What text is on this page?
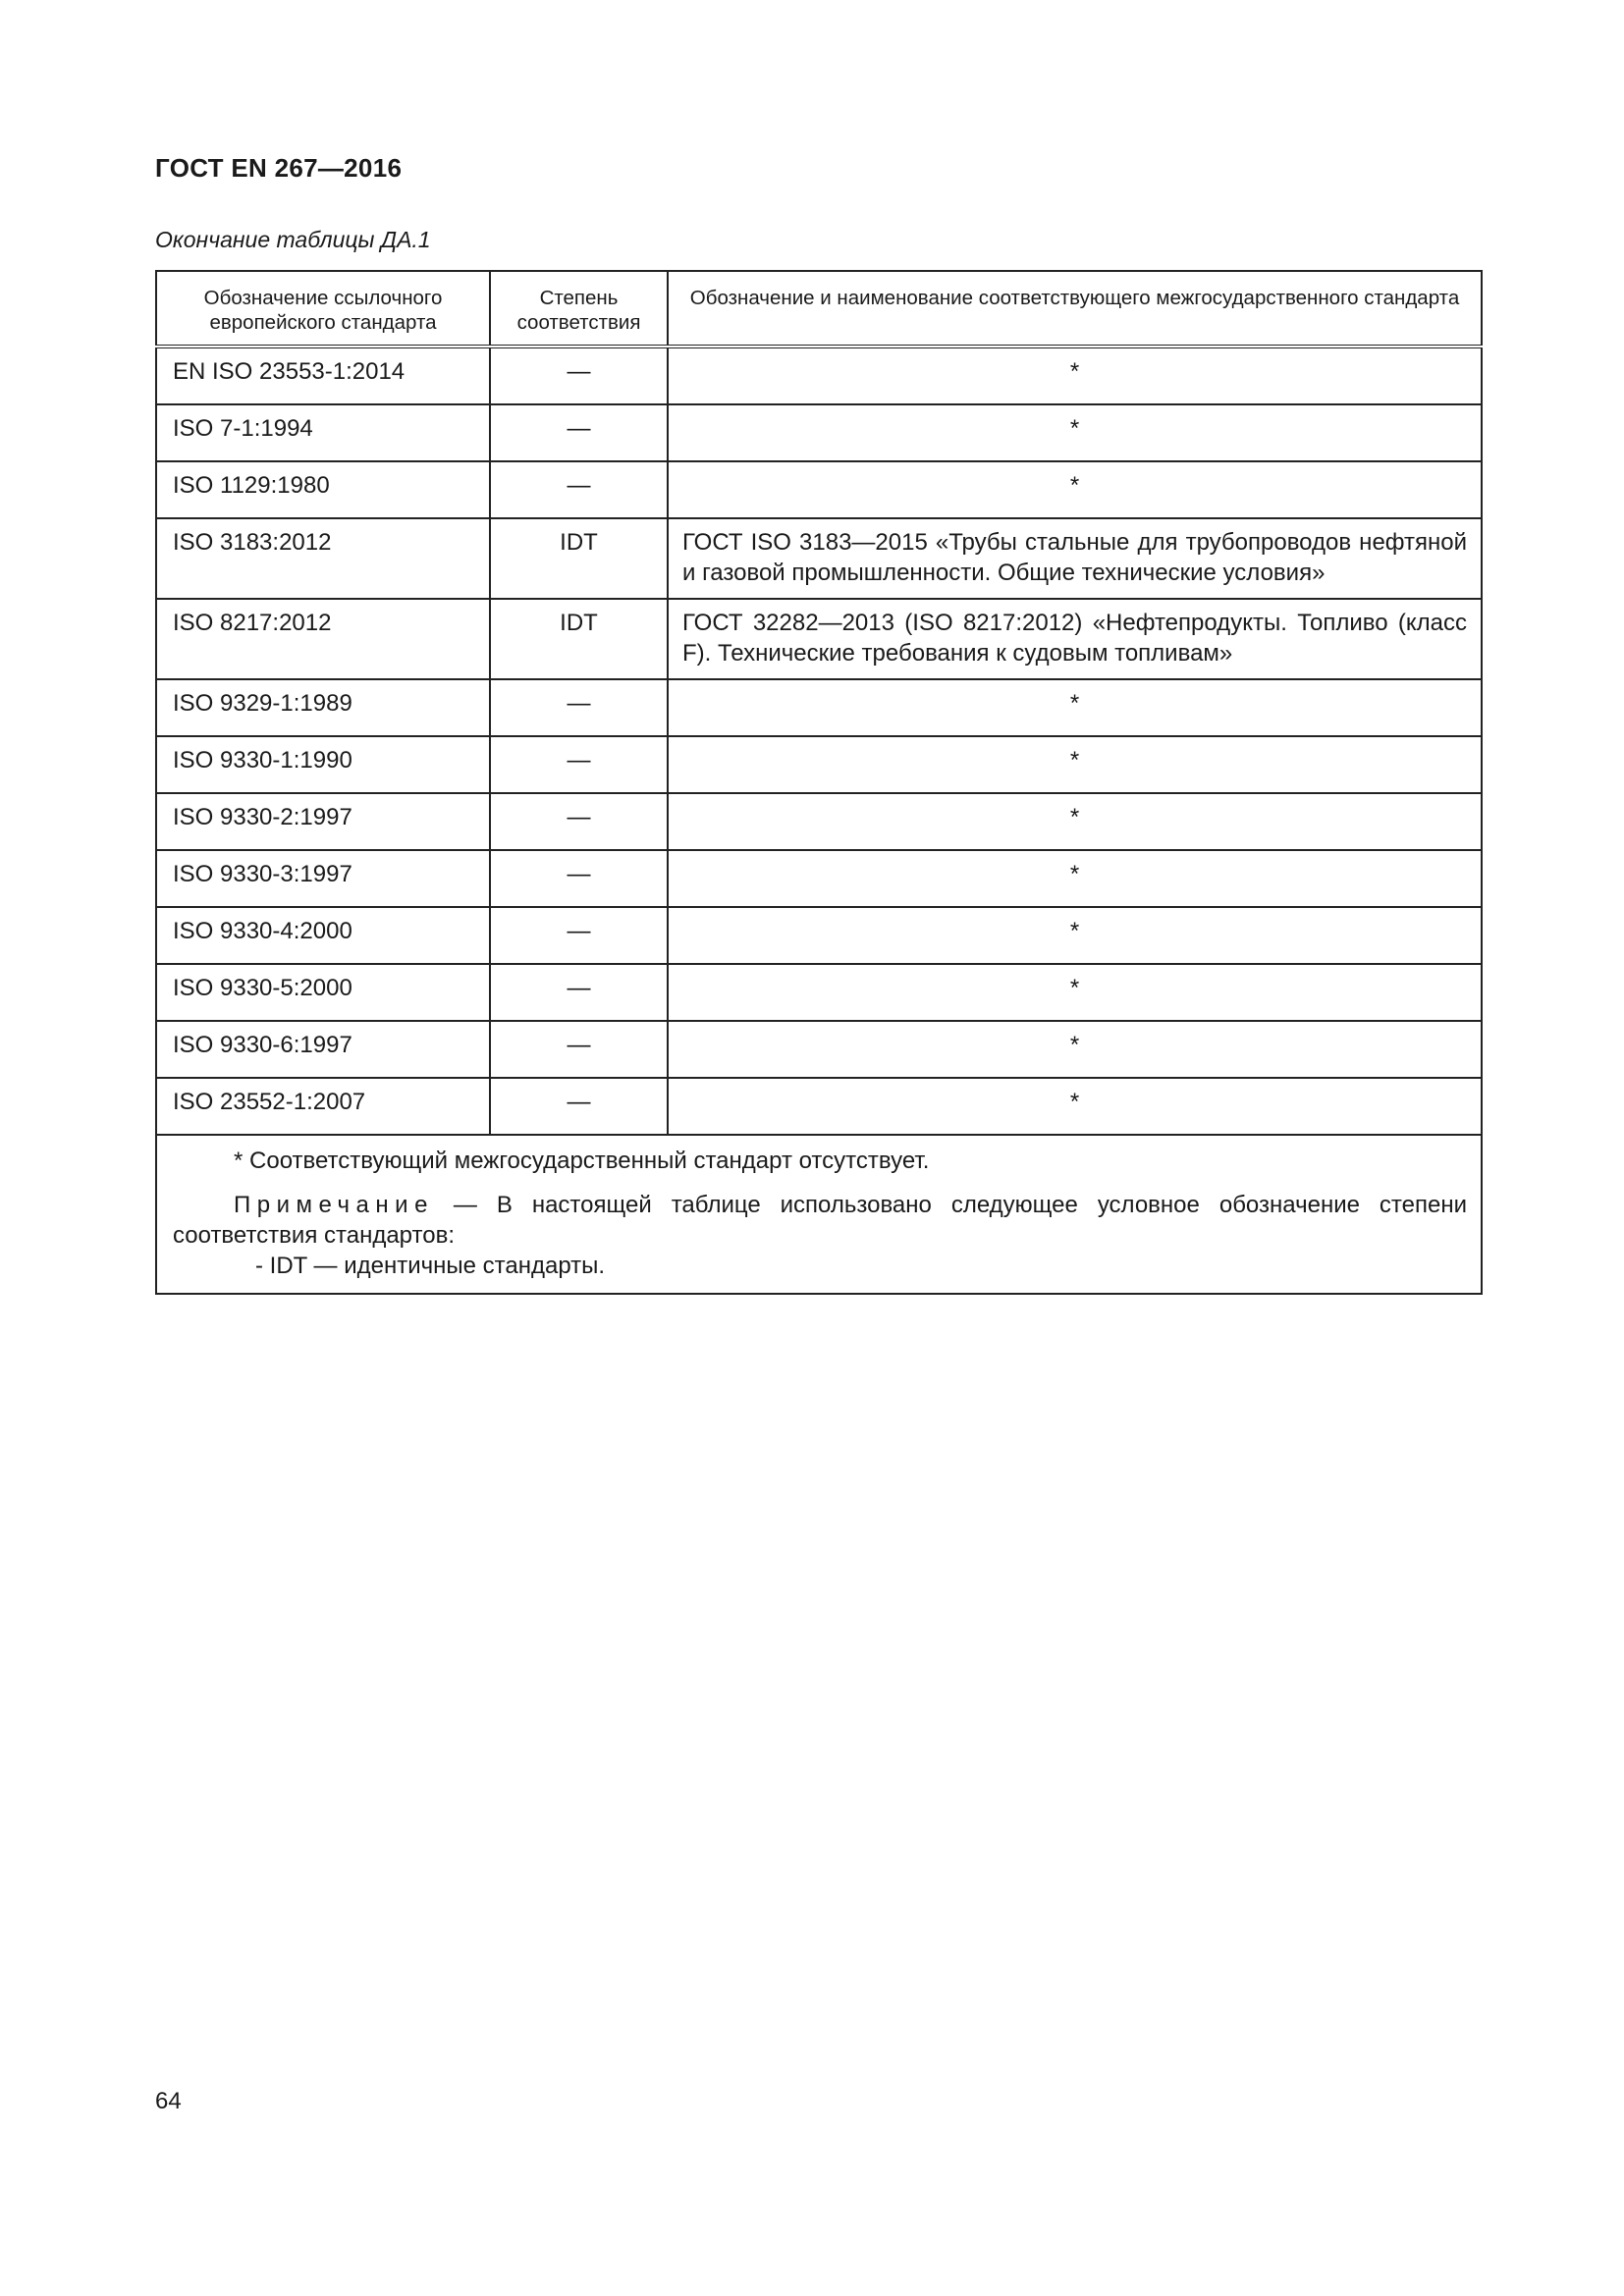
ГОСТ EN 267—2016
Окончание таблицы ДА.1
Обозначение ссылочного европейского стандарта	Степень соответствия	Обозначение и наименование соответствующего межгосударственного стандарта
EN ISO 23553-1:2014	—	*
ISO 7-1:1994	—	*
ISO 1129:1980	—	*
ISO 3183:2012	IDT	ГОСТ ISO 3183—2015 «Трубы стальные для трубопроводов нефтяной и газовой промышленности. Общие технические условия»
ISO 8217:2012	IDT	ГОСТ 32282—2013 (ISO 8217:2012) «Нефтепродукты. Топливо (класс F). Технические требования к судовым топливам»
ISO 9329-1:1989	—	*
ISO 9330-1:1990	—	*
ISO 9330-2:1997	—	*
ISO 9330-3:1997	—	*
ISO 9330-4:2000	—	*
ISO 9330-5:2000	—	*
ISO 9330-6:1997	—	*
ISO 23552-1:2007	—	*

* Соответствующий межгосударственный стандарт отсутствует.
Примечание — В настоящей таблице использовано следующее условное обозначение степени соответствия стандартов:
- IDT — идентичные стандарты.		
64
